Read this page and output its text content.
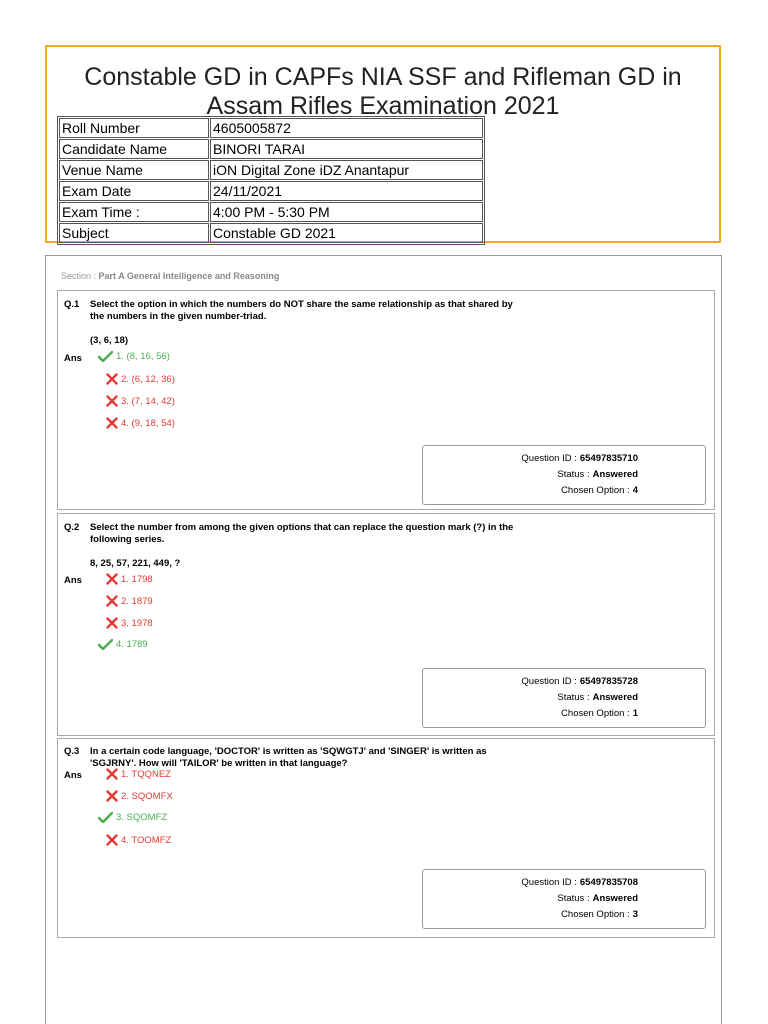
Constable GD in CAPFs NIA SSF and Rifleman GD in Assam Rifles Examination 2021
Roll Number	4605005872
Candidate Name	BINORI TARAI
Venue Name	iON Digital Zone iDZ Anantapur
Exam Date	24/11/2021
Exam Time :	4:00 PM - 5:30 PM
Subject	Constable GD 2021
Section : Part A General Intelligence and Reasoning
Q.1 Select the option in which the numbers do NOT share the same relationship as that shared by the numbers in the given number-triad.
(3, 6, 18)
Ans	1. (8, 16, 56)
2. (6, 12, 36)
3. (7, 14, 42)
4. (9, 18, 54)
Question ID : 65497835710
Status : Answered
Chosen Option : 4
Q.2 Select the number from among the given options that can replace the question mark (?) in the following series.
8, 25, 57, 221, 449, ?
Ans	1. 1798
2. 1879
3. 1978
4. 1789
Question ID : 65497835728
Status : Answered
Chosen Option : 1
Q.3 In a certain code language, 'DOCTOR' is written as 'SQWGTJ' and 'SINGER' is written as 'SGJRNY'. How will 'TAILOR' be written in that language?
Ans	1. TQQNEZ
2. SQOMFX
3. SQOMFZ
4. TOOMFZ
Question ID : 65497835708
Status : Answered
Chosen Option : 3
